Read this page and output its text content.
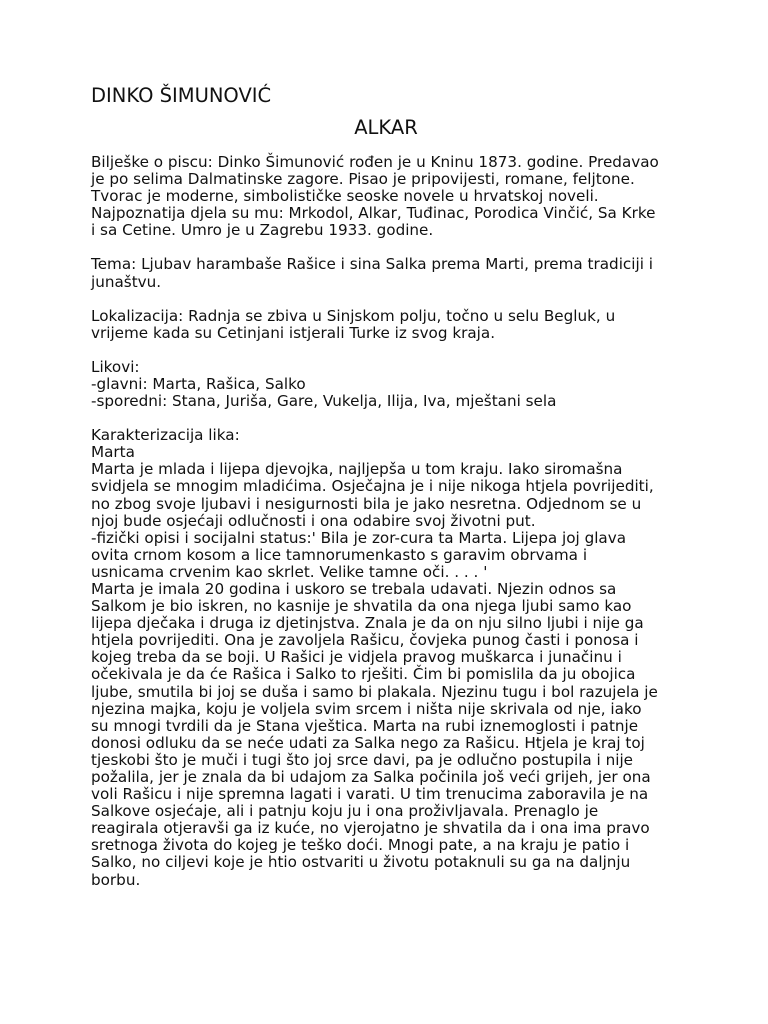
DINKO ŠIMUNOVIĆ
ALKAR
Bilješke o piscu: Dinko Šimunović rođen je u Kninu 1873. godine. Predavao
je po selima Dalmatinske zagore. Pisao je pripovijesti, romane, feljtone.
Tvorac je moderne, simbolističke seoske novele u hrvatskoj noveli.
Najpoznatija djela su mu: Mrkodol, Alkar, Tuđinac, Porodica Vinčić, Sa Krke
i sa Cetine. Umro je u Zagrebu 1933. godine.
Tema: Ljubav harambaše Rašice i sina Salka prema Marti, prema tradiciji i
junaštvu.
Lokalizacija: Radnja se zbiva u Sinjskom polju, točno u selu Begluk, u
vrijeme kada su Cetinjani istjerali Turke iz svog kraja.
Likovi:
-glavni: Marta, Rašica, Salko
-sporedni: Stana, Juriša, Gare, Vukelja, Ilija, Iva, mještani sela
Karakterizacija lika:
Marta
Marta je mlada i lijepa djevojka, najljepša u tom kraju. Iako siromašna
svidjela se mnogim mladićima. Osječajna je i nije nikoga htjela povrijediti,
no zbog svoje ljubavi i nesigurnosti bila je jako nesretna. Odjednom se u
njoj bude osjećaji odlučnosti i ona odabire svoj životni put.
-fizički opisi i socijalni status:' Bila je zor-cura ta Marta. Lijepa joj glava
ovita crnom kosom a lice tamnorumenkasto s garavim obrvama i
usnicama crvenim kao skrlet. Velike tamne oči. . . . '
Marta je imala 20 godina i uskoro se trebala udavati. Njezin odnos sa
Salkom je bio iskren, no kasnije je shvatila da ona njega ljubi samo kao
lijepa dječaka i druga iz djetinjstva. Znala je da on nju silno ljubi i nije ga
htjela povrijediti. Ona je zavoljela Rašicu, čovjeka punog časti i ponosa i
kojeg treba da se boji. U Rašici je vidjela pravog muškarca i junačinu i
očekivala je da će Rašica i Salko to rješiti. Čim bi pomislila da ju obojica
ljube, smutila bi joj se duša i samo bi plakala. Njezinu tugu i bol razujela je
njezina majka, koju je voljela svim srcem i ništa nije skrivala od nje, iako
su mnogi tvrdili da je Stana vještica. Marta na rubi iznemoglosti i patnje
donosi odluku da se neće udati za Salka nego za Rašicu. Htjela je kraj toj
tjeskobi što je muči i tugi što joj srce davi, pa je odlučno postupila i nije
požalila, jer je znala da bi udajom za Salka počinila još veći grijeh, jer ona
voli Rašicu i nije spremna lagati i varati. U tim trenucima zaboravila je na
Salkove osjećaje, ali i patnju koju ju i ona proživljavala. Prenaglo je
reagirala otjeravši ga iz kuće, no vjerojatno je shvatila da i ona ima pravo
sretnoga života do kojeg je teško doći. Mnogi pate, a na kraju je patio i
Salko, no ciljevi koje je htio ostvariti u životu potaknuli su ga na daljnju
borbu.
